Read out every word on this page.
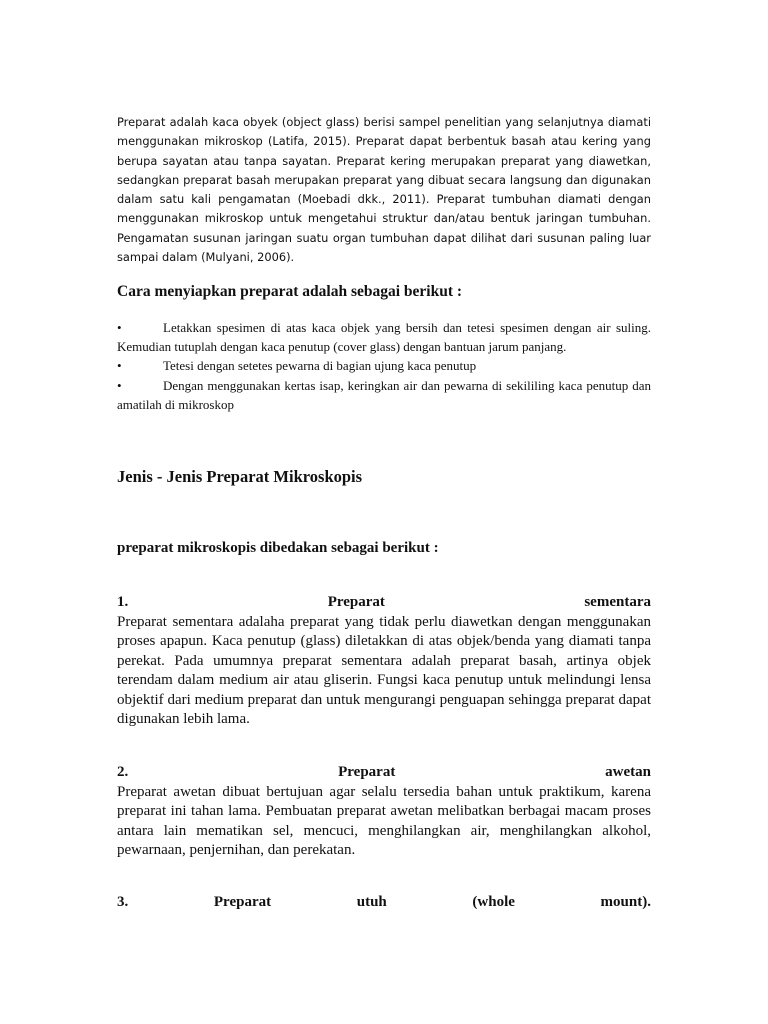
Preparat adalah kaca obyek (object glass) berisi sampel penelitian yang selanjutnya diamati menggunakan mikroskop (Latifa, 2015). Preparat dapat berbentuk basah atau kering yang berupa sayatan atau tanpa sayatan. Preparat kering merupakan preparat yang diawetkan, sedangkan preparat basah merupakan preparat yang dibuat secara langsung dan digunakan dalam satu kali pengamatan (Moebadi dkk., 2011). Preparat tumbuhan diamati dengan menggunakan mikroskop untuk mengetahui struktur dan/atau bentuk jaringan tumbuhan. Pengamatan susunan jaringan suatu organ tumbuhan dapat dilihat dari susunan paling luar sampai dalam (Mulyani, 2006).

Cara menyiapkan preparat adalah sebagai berikut :
•	Letakkan spesimen di atas kaca objek yang bersih dan tetesi spesimen dengan air suling. Kemudian tutuplah dengan kaca penutup (cover glass) dengan bantuan jarum panjang.
•	Tetesi dengan setetes pewarna di bagian ujung kaca penutup
•	Dengan menggunakan kertas isap, keringkan air dan pewarna di sekililing kaca penutup dan amatilah di mikroskop
Jenis - Jenis Preparat Mikroskopis
preparat mikroskopis dibedakan sebagai berikut :
1.	Preparat	sementara

Preparat sementara adalaha preparat yang tidak perlu diawetkan dengan menggunakan proses apapun. Kaca penutup (glass) diletakkan di atas objek/benda yang diamati tanpa perekat. Pada umumnya preparat sementara adalah preparat basah, artinya objek terendam dalam medium air atau gliserin. Fungsi kaca penutup untuk melindungi lensa objektif dari medium preparat dan untuk mengurangi penguapan sehingga preparat dapat digunakan lebih lama.

2.	Preparat	awetan

Preparat awetan dibuat bertujuan agar selalu tersedia bahan untuk praktikum, karena preparat ini tahan lama. Pembuatan preparat awetan melibatkan berbagai macam proses antara lain mematikan sel, mencuci, menghilangkan air, menghilangkan alkohol, pewarnaan, penjernihan, dan perekatan.

3.	Preparat	utuh	(whole	mount).
